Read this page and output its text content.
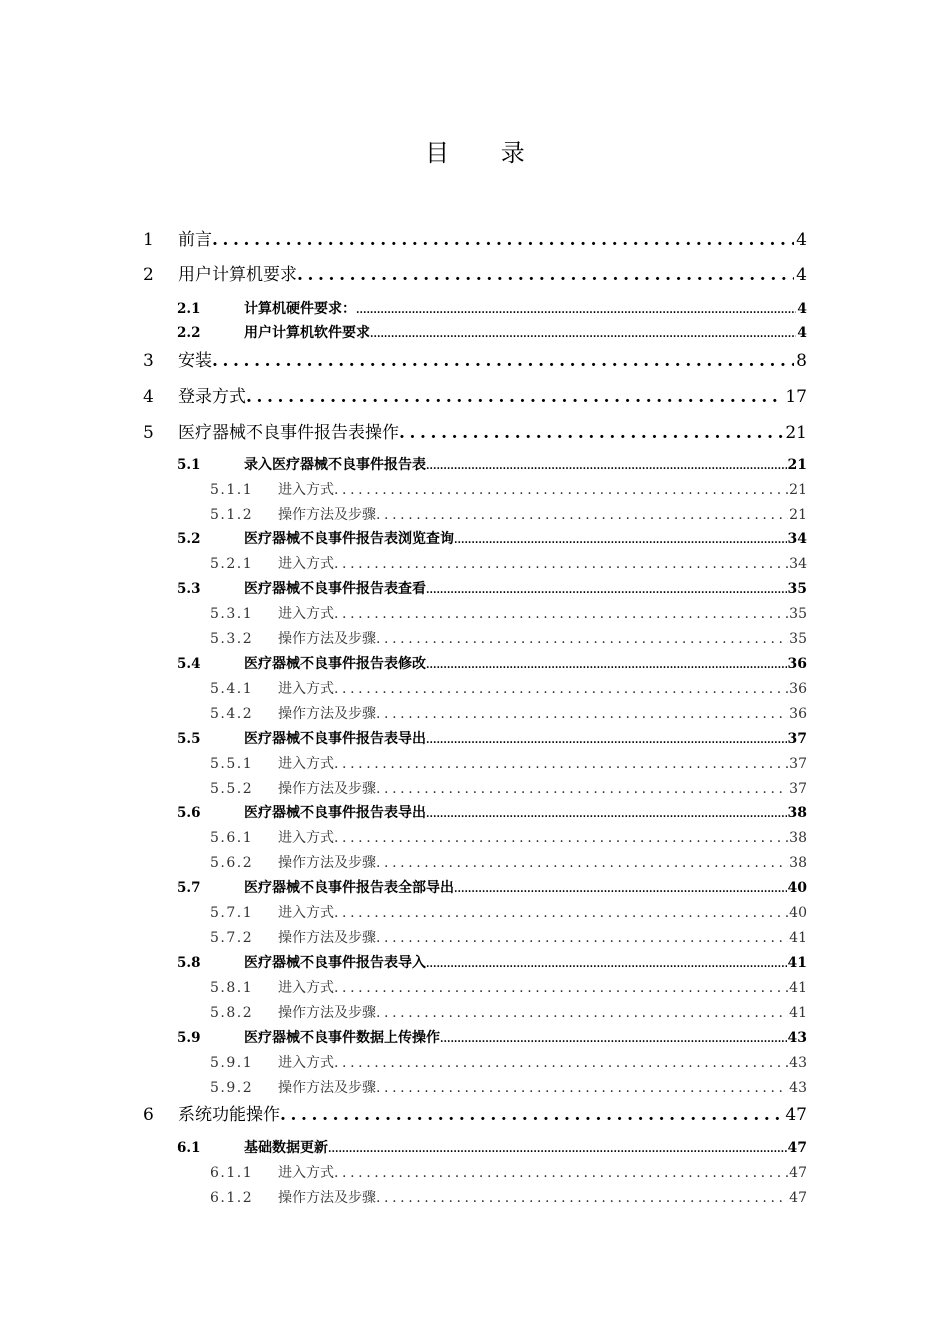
目 录
1	前言 .....	4
2	用户计算机要求 .....	4
2.1	计算机硬件要求： .....	4
2.2	用户计算机软件要求 .....	4
3	安装 .....	8
4	登录方式 .....	17
5	医疗器械不良事件报告表操作 .....	21
5.1	录入医疗器械不良事件报告表 .....	21
5.1.1	进入方式 .....	21
5.1.2	操作方法及步骤 .....	21
5.2	医疗器械不良事件报告表浏览查询 .....	34
5.2.1	进入方式 .....	34
5.3	医疗器械不良事件报告表查看 .....	35
5.3.1	进入方式 .....	35
5.3.2	操作方法及步骤 .....	35
5.4	医疗器械不良事件报告表修改 .....	36
5.4.1	进入方式 .....	36
5.4.2	操作方法及步骤 .....	36
5.5	医疗器械不良事件报告表导出 .....	37
5.5.1	进入方式 .....	37
5.5.2	操作方法及步骤 .....	37
5.6	医疗器械不良事件报告表导出 .....	38
5.6.1	进入方式 .....	38
5.6.2	操作方法及步骤 .....	38
5.7	医疗器械不良事件报告表全部导出 .....	40
5.7.1	进入方式 .....	40
5.7.2	操作方法及步骤 .....	41
5.8	医疗器械不良事件报告表导入 .....	41
5.8.1	进入方式 .....	41
5.8.2	操作方法及步骤 .....	41
5.9	医疗器械不良事件数据上传操作 .....	43
5.9.1	进入方式 .....	43
5.9.2	操作方法及步骤 .....	43
6	系统功能操作 .....	47
6.1	基础数据更新 .....	47
6.1.1	进入方式 .....	47
6.1.2	操作方法及步骤 .....	47
